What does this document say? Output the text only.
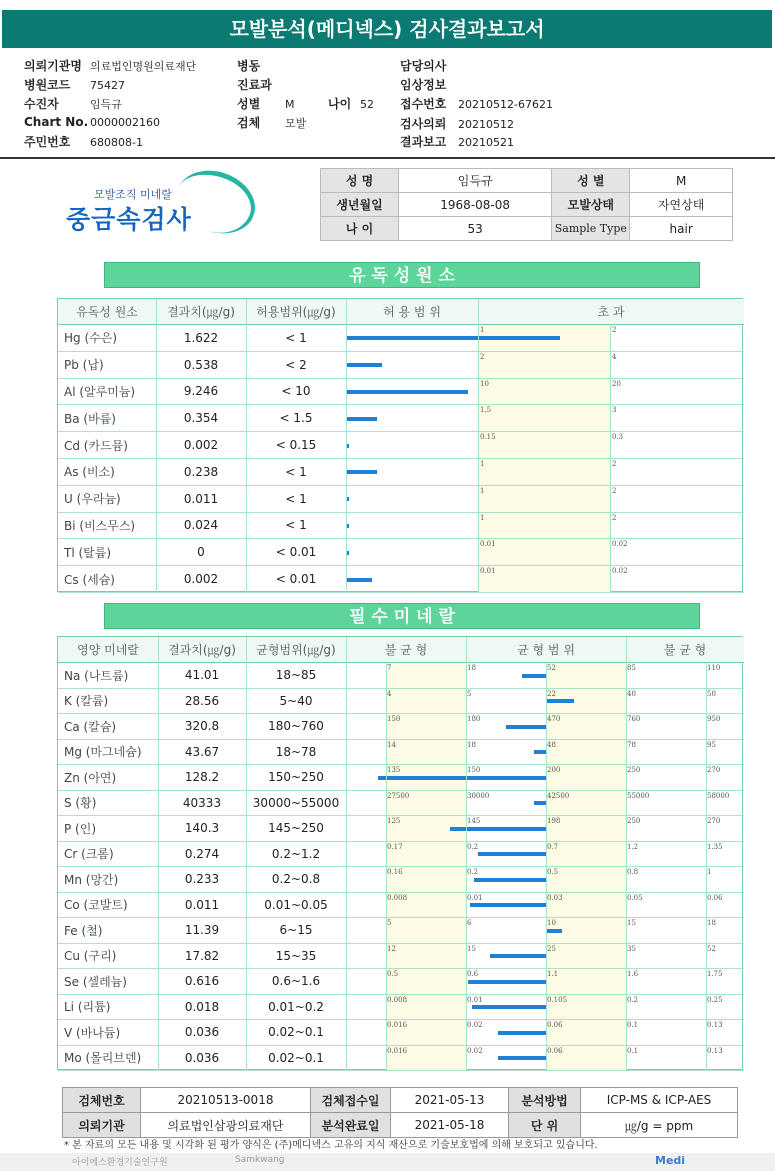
모발분석(메디넥스) 검사결과보고서
의뢰기관명 의료법인명원의료재단
병원코드 75427
수진자	임득규
Chart No. 0000002160
주민번호 680808-1
병동
진료과
성별 M	나이 52
검체 모발
담당의사
임상정보
접수번호 20210512-67621
검사의뢰 20210512
결과보고 20210521
모발조직 미네랄
중금속검사
성 명	임득규	성 별	M
생년월일	1968-08-08	모발상태	자연상태
나 이	53	Sample Type	hair
유 독 성 원 소
유독성 원소	결과치(㎍/g)	허용범위(㎍/g)	허 용 범 위	초 과
Hg (수은)	1.622	< 1
1	2
Pb (납)	0.538	< 2
2	4
Al (알루미늄)	9.246	< 10
10	20
Ba (바륨)	0.354	< 1.5
1.5	3
Cd (카드뮴)	0.002	< 0.15
0.15	0.3
As (비소)	0.238	< 1
1	2
U (우라늄)	0.011	< 1
1	2
Bi (비스무스)	0.024	< 1
1	2
Tl (탈륨)	0	< 0.01
0.01	0.02
Cs (세슘)	0.002	< 0.01
0.01	0.02
필 수 미 네 랄
영양 미네랄	결과치(㎍/g)	균형범위(㎍/g)	불 균 형	균 형 범 위	불 균 형
Na (나트륨)	41.01	18~85
7	18	52	85	110
K (칼륨)	28.56	5~40
4	5	22	40	50
Ca (칼슘)	320.8	180~760
150	180	470	760	950
Mg (마그네슘)	43.67	18~78
14	18	48	78	95
Zn (아연)	128.2	150~250
135	150	200	250	270
S (황)	40333	30000~55000
27500	30000	42500	55000	58000
P (인)	140.3	145~250
125	145	198	250	270
Cr (크롬)	0.274	0.2~1.2
0.17	0.2	0.7	1.2	1.35
Mn (망간)	0.233	0.2~0.8
0.16	0.2	0.5	0.8	1
Co (코발트)	0.011	0.01~0.05
0.008	0.01	0.03	0.05	0.06
Fe (철)	11.39	6~15
5	6	10	15	18
Cu (구리)	17.82	15~35
12	15	25	35	52
Se (셀레늄)	0.616	0.6~1.6
0.5	0.6	1.1	1.6	1.75
Li (리튬)	0.018	0.01~0.2
0.008	0.01	0.105	0.2	0.25
V (바나듐)	0.036	0.02~0.1
0.016	0.02	0.06	0.1	0.13
Mo (몰리브덴)	0.036	0.02~0.1
0.016	0.02	0.06	0.1	0.13
검체번호	20210513-0018	검체접수일	2021-05-13	분석방법	ICP-MS & ICP-AES
의뢰기관	의료법인삼광의료재단	분석완료일	2021-05-18	단 위	㎍/g = ppm
* 본 자료의 모든 내용 및 시각화 된 평가 양식은 (주)메디넥스 고유의 지식 재산으로 기술보호법에 의해 보호되고 있습니다.
아이에스환경기술연구원	Samkwang	Medi
